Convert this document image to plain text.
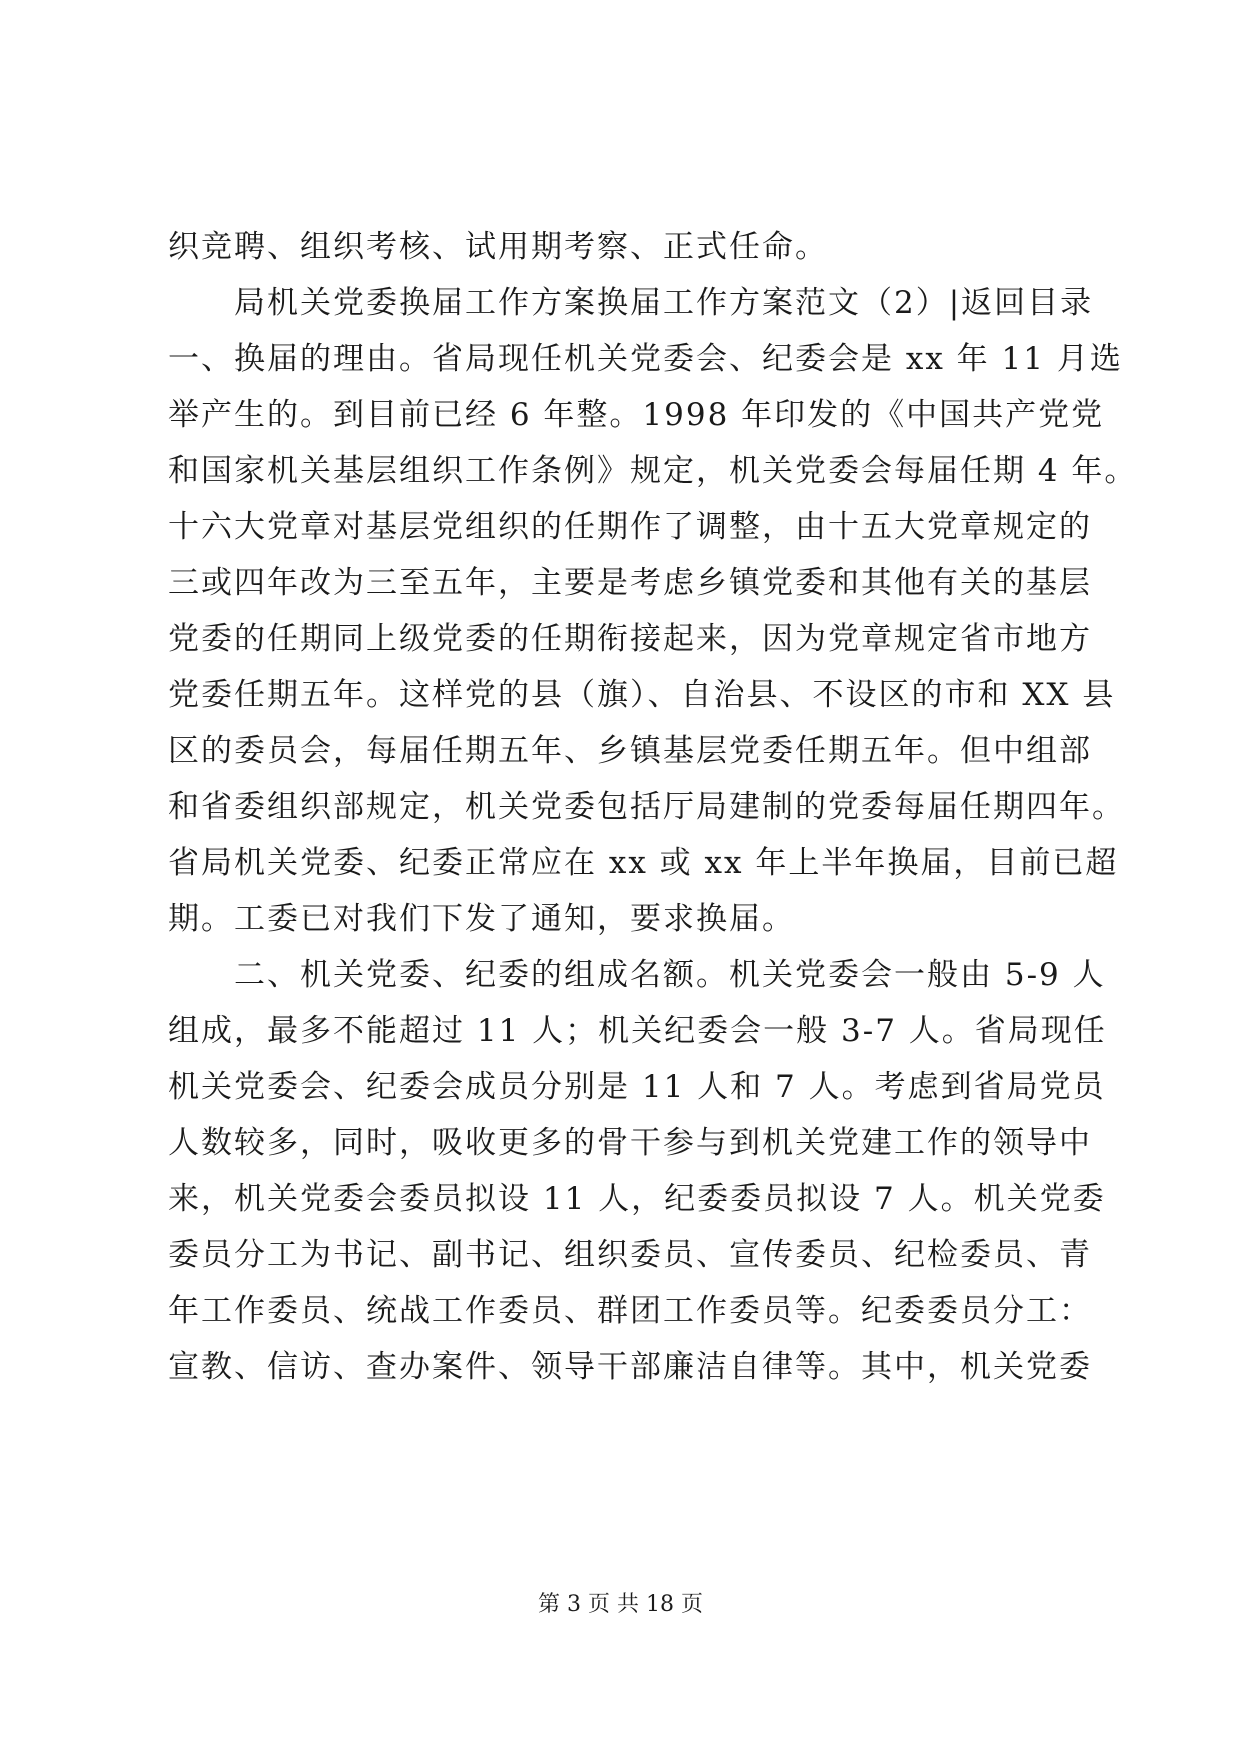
织竞聘、组织考核、试用期考察、正式任命。
局机关党委换届工作方案换届工作方案范文（2）|返回目录
一、换届的理由。省局现任机关党委会、纪委会是 xx 年 11 月选
举产生的。到目前已经 6 年整。1998 年印发的《中国共产党党
和国家机关基层组织工作条例》规定，机关党委会每届任期 4 年。
十六大党章对基层党组织的任期作了调整，由十五大党章规定的
三或四年改为三至五年，主要是考虑乡镇党委和其他有关的基层
党委的任期同上级党委的任期衔接起来，因为党章规定省市地方
党委任期五年。这样党的县（旗）、自治县、不设区的市和 XX 县
区的委员会，每届任期五年、乡镇基层党委任期五年。但中组部
和省委组织部规定，机关党委包括厅局建制的党委每届任期四年。
省局机关党委、纪委正常应在 xx 或 xx 年上半年换届，目前已超
期。工委已对我们下发了通知，要求换届。
二、机关党委、纪委的组成名额。机关党委会一般由 5-9 人
组成，最多不能超过 11 人；机关纪委会一般 3-7 人。省局现任
机关党委会、纪委会成员分别是 11 人和 7 人。考虑到省局党员
人数较多，同时，吸收更多的骨干参与到机关党建工作的领导中
来，机关党委会委员拟设 11 人，纪委委员拟设 7 人。机关党委
委员分工为书记、副书记、组织委员、宣传委员、纪检委员、青
年工作委员、统战工作委员、群团工作委员等。纪委委员分工：
宣教、信访、查办案件、领导干部廉洁自律等。其中，机关党委
第 3 页 共 18 页
